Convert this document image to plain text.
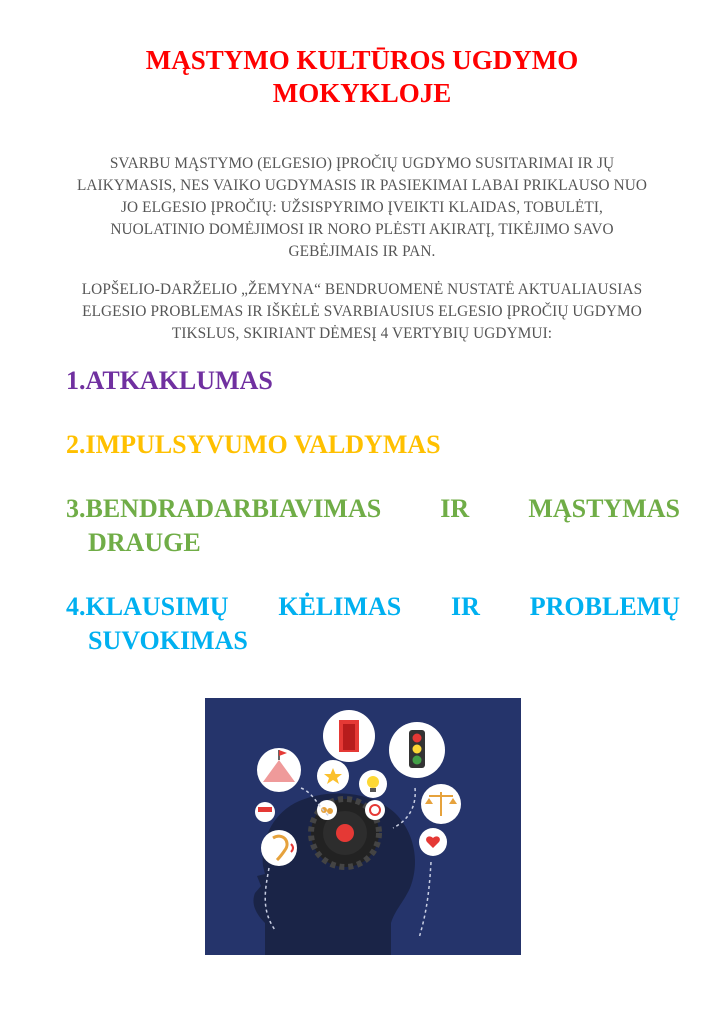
MĄSTYMO KULTŪROS UGDYMO
MOKYKLOJE
SVARBU MĄSTYMO (ELGESIO) ĮPROČIŲ UGDYMO SUSITARIMAI IR JŲ
LAIKYMASIS, NES VAIKO UGDYMASIS IR PASIEKIMAI LABAI PRIKLAUSO NUO
JO ELGESIO ĮPROČIŲ: UŽSISPYRIMO ĮVEIKTI KLAIDAS, TOBULĖTI,
NUOLATINIO DOMĖJIMOSI IR NORO PLĖSTI AKIRATĮ, TIKĖJIMO SAVO
GEBĖJIMAIS IR PAN.
LOPŠELIO-DARŽELIO „ŽEMYNA“ BENDRUOMENĖ NUSTATĖ AKTUALIAUSIAS
ELGESIO PROBLEMAS IR IŠKĖLĖ SVARBIAUSIUS ELGESIO ĮPROČIŲ UGDYMO
TIKSLUS, SKIRIANT DĖMESĮ 4 VERTYBIŲ UGDYMUI:
1.ATKAKLUMAS
2.IMPULSYVUMO VALDYMAS
3.BENDRADARBIAVIMAS IR MĄSTYMAS
DRAUGE
4.KLAUSIMŲ KĖLIMAS IR PROBLEMŲ
SUVOKIMAS
